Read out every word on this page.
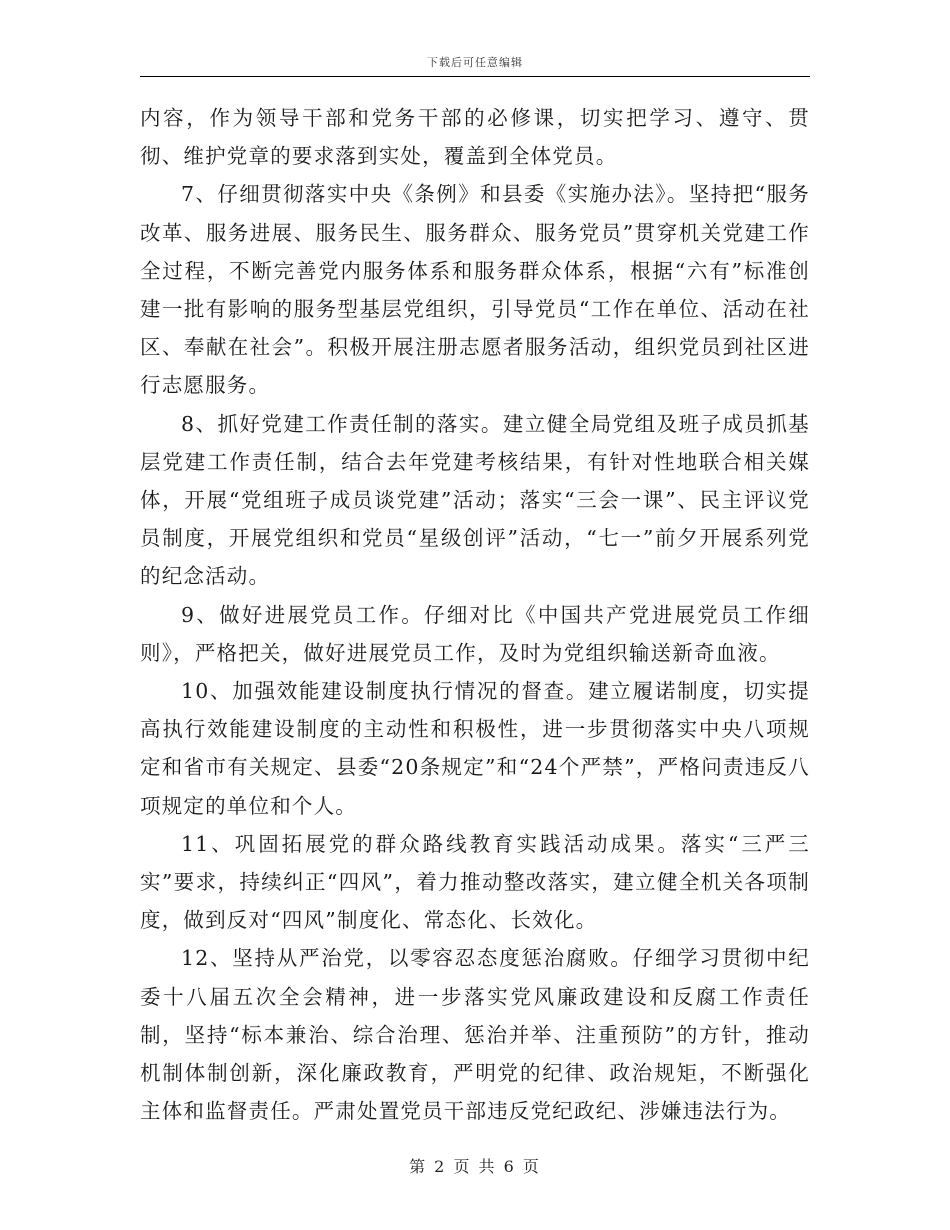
下载后可任意编辑

内容，作为领导干部和党务干部的必修课，切实把学习、遵守、贯彻、维护党章的要求落到实处，覆盖到全体党员。

7、仔细贯彻落实中央《条例》和县委《实施办法》。坚持把“服务改革、服务进展、服务民生、服务群众、服务党员”贯穿机关党建工作全过程，不断完善党内服务体系和服务群众体系，根据“六有”标准创建一批有影响的服务型基层党组织，引导党员“工作在单位、活动在社区、奉献在社会”。积极开展注册志愿者服务活动，组织党员到社区进行志愿服务。

8、抓好党建工作责任制的落实。建立健全局党组及班子成员抓基层党建工作责任制，结合去年党建考核结果，有针对性地联合相关媒体，开展“党组班子成员谈党建”活动；落实“三会一课”、民主评议党员制度，开展党组织和党员“星级创评”活动，“七一”前夕开展系列党的纪念活动。

9、做好进展党员工作。仔细对比《中国共产党进展党员工作细则》，严格把关，做好进展党员工作，及时为党组织输送新奇血液。

10、加强效能建设制度执行情况的督查。建立履诺制度，切实提高执行效能建设制度的主动性和积极性，进一步贯彻落实中央八项规定和省市有关规定、县委“20条规定”和“24个严禁”，严格问责违反八项规定的单位和个人。

11、巩固拓展党的群众路线教育实践活动成果。落实“三严三实”要求，持续纠正“四风”，着力推动整改落实，建立健全机关各项制度，做到反对“四风”制度化、常态化、长效化。

12、坚持从严治党，以零容忍态度惩治腐败。仔细学习贯彻中纪委十八届五次全会精神，进一步落实党风廉政建设和反腐工作责任制，坚持“标本兼治、综合治理、惩治并举、注重预防”的方针，推动机制体制创新，深化廉政教育，严明党的纪律、政治规矩，不断强化主体和监督责任。严肃处置党员干部违反党纪政纪、涉嫌违法行为。

第 2 页 共 6 页
